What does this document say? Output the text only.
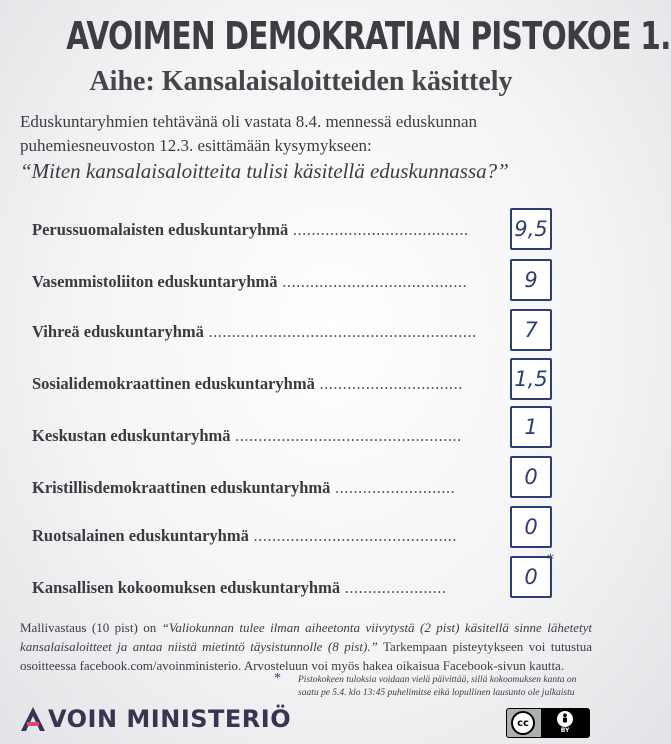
AVOIMEN DEMOKRATIAN PISTOKOE 1.
Aihe: Kansalaisaloitteiden käsittely
Eduskuntaryhmien tehtävänä oli vastata 8.4. mennessä eduskunnan puhemiesneuvoston 12.3. esittämään kysymykseen:
“Miten kansalaisaloitteita tulisi käsitellä eduskunnassa?”
Perussuomalaisten eduskuntaryhmä ...................................... 9,5
Vasemmistoliiton eduskuntaryhmä ........................................	9
Vihreä eduskuntaryhmä .......................................................... 7
Sosialidemokraattinen eduskuntaryhmä ...............................	1,5
Keskustan eduskuntaryhmä .................................................	1
Kristillisdemokraattinen eduskuntaryhmä ..........................	0
Ruotsalainen eduskuntaryhmä ............................................	0
Kansallisen kokoomuksen eduskuntaryhmä ......................	0
*
Mallivastaus (10 pist) on “Valiokunnan tulee ilman aiheetonta viivytystä (2 pist) käsitellä sinne lähetetyt kansalaisaloitteet ja antaa niistä mietintö täysistunnolle (8 pist).” Tarkempaan pisteytykseen voi tutustua osoitteessa facebook.com/avoinministerio. Arvosteluun voi myös hakea oikaisua Facebook-sivun kautta.
*	Pistokokeen tuloksia voidaan vielä päivittää, sillä kokoomuksen kanta on saatu pe 5.4. klo 13:45 puhelimitse eikä lopullinen lausunto ole julkaistu
VOIN MINISTERIÖ	cc
BY
